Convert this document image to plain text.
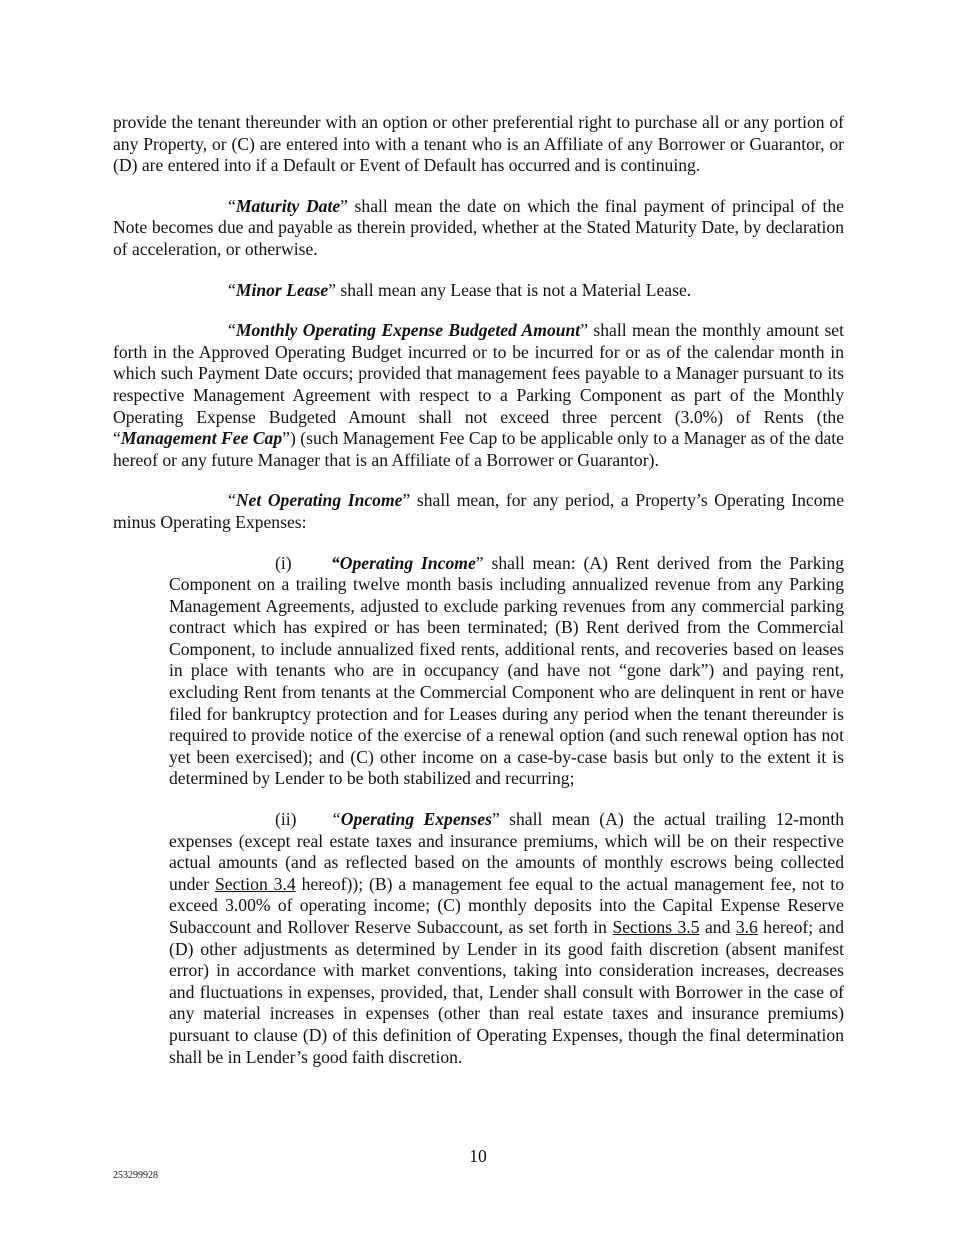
provide the tenant thereunder with an option or other preferential right to purchase all or any portion of any Property, or (C) are entered into with a tenant who is an Affiliate of any Borrower or Guarantor, or (D) are entered into if a Default or Event of Default has occurred and is continuing.

“Maturity Date” shall mean the date on which the final payment of principal of the Note becomes due and payable as therein provided, whether at the Stated Maturity Date, by declaration of acceleration, or otherwise.

“Minor Lease” shall mean any Lease that is not a Material Lease.

“Monthly Operating Expense Budgeted Amount” shall mean the monthly amount set forth in the Approved Operating Budget incurred or to be incurred for or as of the calendar month in which such Payment Date occurs; provided that management fees payable to a Manager pursuant to its respective Management Agreement with respect to a Parking Component as part of the Monthly Operating Expense Budgeted Amount shall not exceed three percent (3.0%) of Rents (the “Management Fee Cap”) (such Management Fee Cap to be applicable only to a Manager as of the date hereof or any future Manager that is an Affiliate of a Borrower or Guarantor).

“Net Operating Income” shall mean, for any period, a Property’s Operating Income minus Operating Expenses:

(i) “Operating Income” shall mean: (A) Rent derived from the Parking Component on a trailing twelve month basis including annualized revenue from any Parking Management Agreements, adjusted to exclude parking revenues from any commercial parking contract which has expired or has been terminated; (B) Rent derived from the Commercial Component, to include annualized fixed rents, additional rents, and recoveries based on leases in place with tenants who are in occupancy (and have not “gone dark”) and paying rent, excluding Rent from tenants at the Commercial Component who are delinquent in rent or have filed for bankruptcy protection and for Leases during any period when the tenant thereunder is required to provide notice of the exercise of a renewal option (and such renewal option has not yet been exercised); and (C) other income on a case-by-case basis but only to the extent it is determined by Lender to be both stabilized and recurring;

(ii) “Operating Expenses” shall mean (A) the actual trailing 12-month expenses (except real estate taxes and insurance premiums, which will be on their respective actual amounts (and as reflected based on the amounts of monthly escrows being collected under Section 3.4 hereof)); (B) a management fee equal to the actual management fee, not to exceed 3.00% of operating income; (C) monthly deposits into the Capital Expense Reserve Subaccount and Rollover Reserve Subaccount, as set forth in Sections 3.5 and 3.6 hereof; and (D) other adjustments as determined by Lender in its good faith discretion (absent manifest error) in accordance with market conventions, taking into consideration increases, decreases and fluctuations in expenses, provided, that, Lender shall consult with Borrower in the case of any material increases in expenses (other than real estate taxes and insurance premiums) pursuant to clause (D) of this definition of Operating Expenses, though the final determination shall be in Lender’s good faith discretion.

10
253299928
